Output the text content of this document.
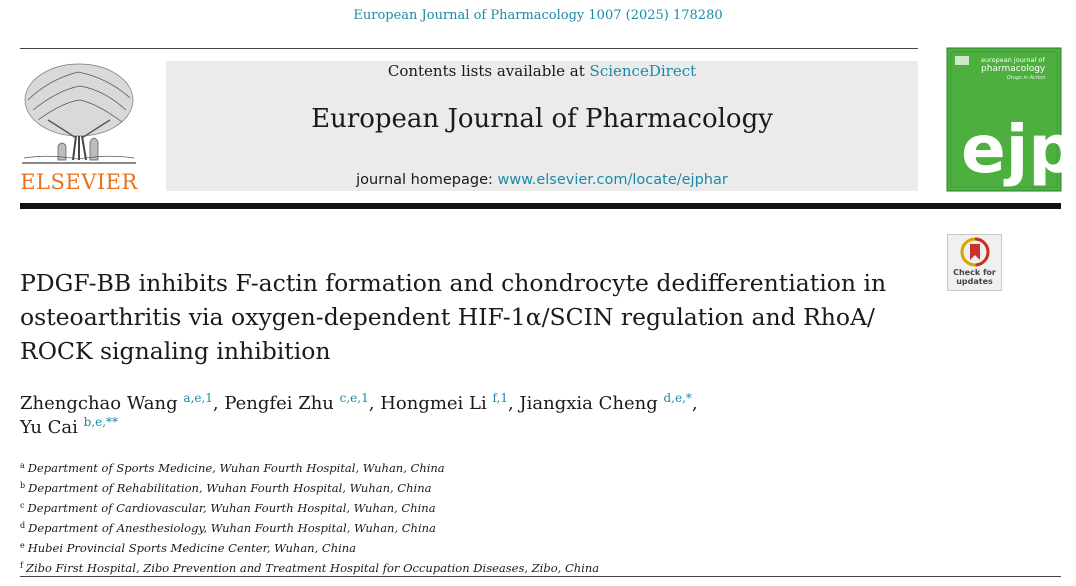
European Journal of Pharmacology 1007 (2025) 178280
ELSEVIER
Contents lists available at ScienceDirect
European Journal of Pharmacology
journal homepage: www.elsevier.com/locate/ejphar
european journal of
pharmacology
Drugs in Action
ejp
Check for
updates
PDGF-BB inhibits F-actin formation and chondrocyte dedifferentiation in osteoarthritis via oxygen-dependent HIF-1α/SCIN regulation and RhoA/ ROCK signaling inhibition
Zhengchao Wang $^{a,e,1}$, Pengfei Zhu $^{c,e,1}$, Hongmei Li $^{f,1}$, Jiangxia Cheng $^{d,e,*}$,
Yu Cai $^{b,e,**}$
$^a$ Department of Sports Medicine, Wuhan Fourth Hospital, Wuhan, China
$^b$ Department of Rehabilitation, Wuhan Fourth Hospital, Wuhan, China
$^c$ Department of Cardiovascular, Wuhan Fourth Hospital, Wuhan, China
$^d$ Department of Anesthesiology, Wuhan Fourth Hospital, Wuhan, China
$^e$ Hubei Provincial Sports Medicine Center, Wuhan, China
$^f$ Zibo First Hospital, Zibo Prevention and Treatment Hospital for Occupation Diseases, Zibo, China
